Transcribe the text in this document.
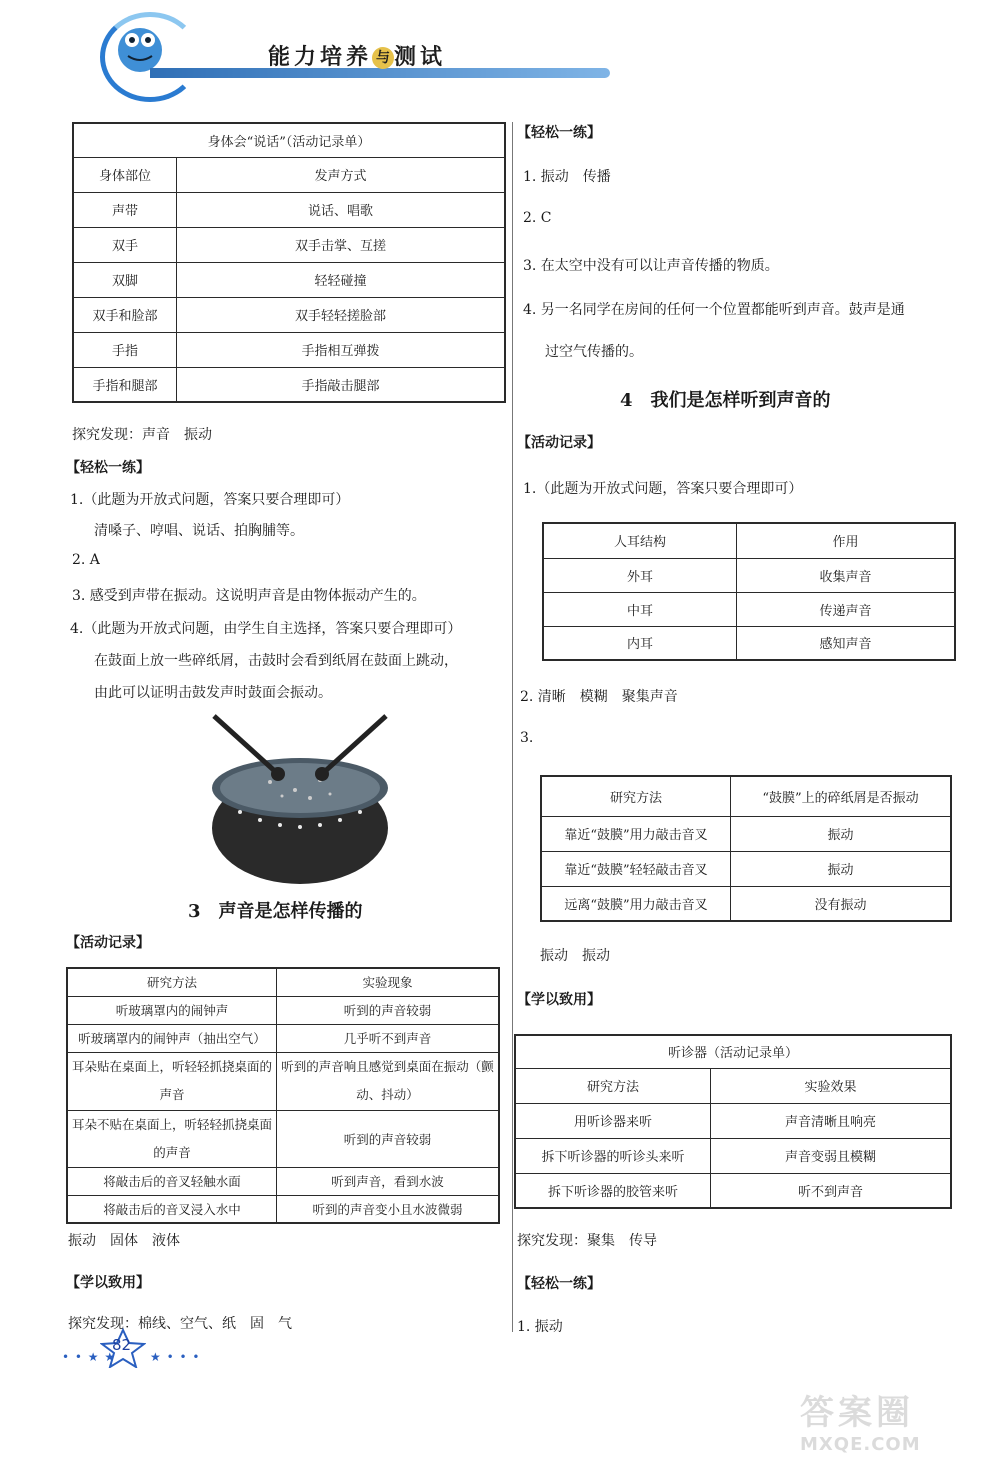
能力培养 与 测试
身体会“说话”（活动记录单）	
身体部位	发声方式
声带	说话、唱歌
双手	双手击掌、互搓
双脚	轻轻碰撞
双手和脸部	双手轻轻搓脸部
手指	手指相互弹拨
手指和腿部	手指敲击腿部
探究发现：声音　振动
【轻松一练】
1.（此题为开放式问题，答案只要合理即可）
清嗓子、哼唱、说话、拍胸脯等。
2. A
3. 感受到声带在振动。这说明声音是由物体振动产生的。
4.（此题为开放式问题，由学生自主选择，答案只要合理即可）
在鼓面上放一些碎纸屑，击鼓时会看到纸屑在鼓面上跳动，
由此可以证明击鼓发声时鼓面会振动。
3　声音是怎样传播的
【活动记录】
研究方法	实验现象
听玻璃罩内的闹钟声	听到的声音较弱
听玻璃罩内的闹钟声（抽出空气）	几乎听不到声音
耳朵贴在桌面上，听轻轻抓挠桌面的声音	听到的声音响且感觉到桌面在振动（颤动、抖动）
耳朵不贴在桌面上，听轻轻抓挠桌面的声音	听到的声音较弱
将敲击后的音叉轻触水面	听到声音，看到水波
将敲击后的音叉浸入水中	听到的声音变小且水波微弱
振动　固体　液体
【学以致用】
探究发现：棉线、空气、纸　固　气
【轻松一练】
1. 振动　传播
2. C
3. 在太空中没有可以让声音传播的物质。
4. 另一名同学在房间的任何一个位置都能听到声音。鼓声是通
过空气传播的。
4　我们是怎样听到声音的
【活动记录】
1.（此题为开放式问题，答案只要合理即可）
人耳结构	作用
外耳	收集声音
中耳	传递声音
内耳	感知声音
2. 清晰　模糊　聚集声音
3.
研究方法	“鼓膜”上的碎纸屑是否振动
靠近“鼓膜”用力敲击音叉	振动
靠近“鼓膜”轻轻敲击音叉	振动
远离“鼓膜”用力敲击音叉	没有振动
振动　振动
【学以致用】
听诊器（活动记录单）	
研究方法	实验效果
用听诊器来听	声音清晰且响亮
拆下听诊器的听诊头来听	声音变弱且模糊
拆下听诊器的胶管来听	听不到声音
探究发现：聚集　传导
【轻松一练】
1. 振动
• • ★ ★
82
★ • • •
答案圈
MXQE.COM
